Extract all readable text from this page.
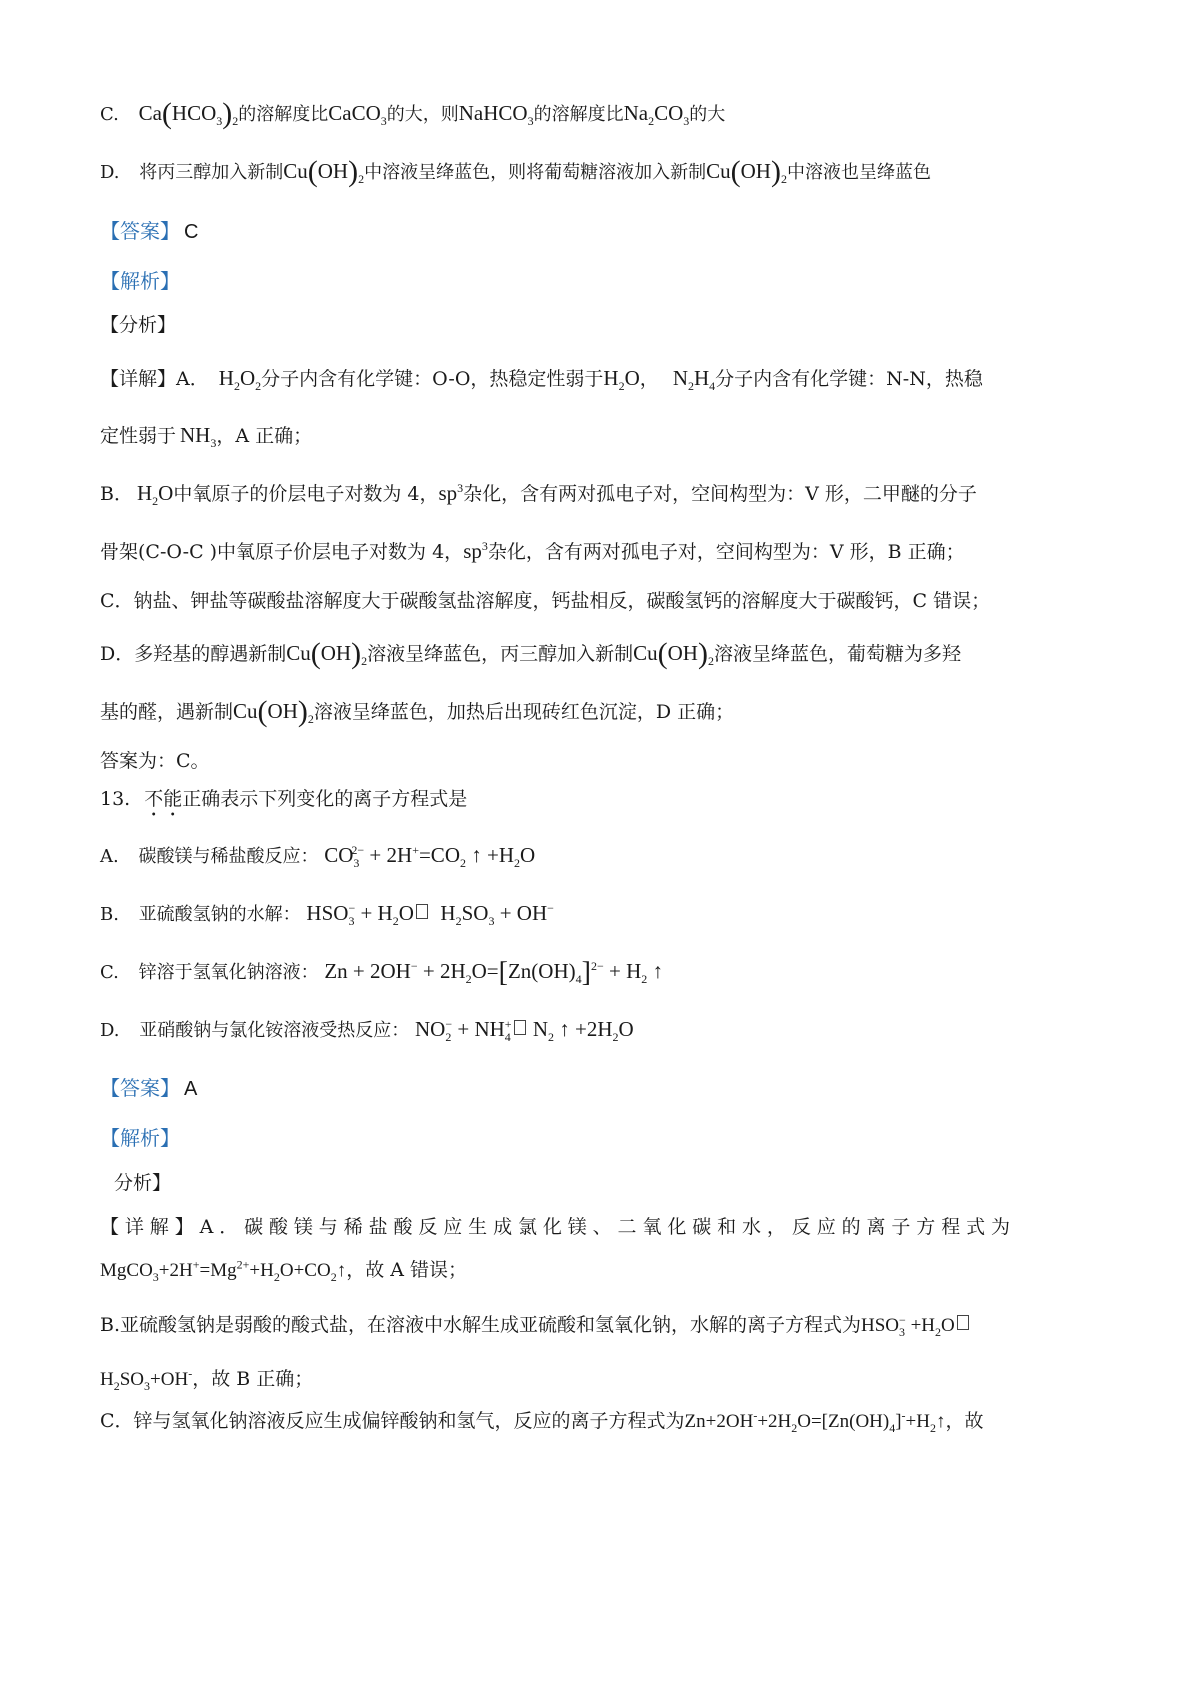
C. $Ca(HCO_3)_2$的溶解度比CaCO$_3$的大，则NaHCO$_3$的溶解度比$Na_2CO_3$的大
D. 将丙三醇加入新制$Cu(OH)_2$中溶液呈绛蓝色，则将葡萄糖溶液加入新制$Cu(OH)_2$中溶液也呈绛蓝色
【答案】 C
【解析】
【分析】
【详解】A． $H_2O_2$分子内含有化学键：O-O，热稳定性弱于$H_2O$， $N_2H_4$分子内含有化学键：N-N，热稳
定性弱于 $NH_3$，A 正确；
B． $H_2O$中氧原子的价层电子对数为 4，$sp^3$杂化，含有两对孤电子对，空间构型为：V 形，二甲醚的分子
骨架(C-O-C )中氧原子价层电子对数为 4，$sp^3$杂化，含有两对孤电子对，空间构型为：V 形，B 正确；
C．钠盐、钾盐等碳酸盐溶解度大于碳酸氢盐溶解度，钙盐相反，碳酸氢钙的溶解度大于碳酸钙，C 错误；
D．多羟基的醇遇新制$Cu(OH)_2$溶液呈绛蓝色，丙三醇加入新制$Cu(OH)_2$溶液呈绛蓝色，葡萄糖为多羟
基的醛，遇新制$Cu(OH)_2$溶液呈绛蓝色，加热后出现砖红色沉淀，D 正确；
答案为：C。
13. 不能正确表示下列变化的离子方程式是
A. 碳酸镁与稀盐酸反应： $CO_3^{2-} + 2H^+=CO_2$ ↑ $+H_2O$
B. 亚硫酸氢钠的水解： $HSO_3^- + H_2O$  $H_2SO_3 + OH^-$
C. 锌溶于氢氧化钠溶液： $Zn + 2OH^- + 2H_2O=[Zn(OH)_4]^{2-} + H_2$ ↑
D. 亚硝酸钠与氯化铵溶液受热反应： $NO_2^- + NH_4^+$ $N_2$ ↑ $+2H_2O$
【答案】 A
【解析】
分析】
【详解】A．碳酸镁与稀盐酸反应生成氯化镁、二氧化碳和水，反应的离子方程式为
$MgCO_3+2H^+=Mg^{2+}+H_2O+CO_2↑$，故 A 错误；
B.亚硫酸氢钠是弱酸的酸式盐，在溶液中水解生成亚硫酸和氢氧化钠，水解的离子方程式为$HSO_3^- +H_2O$
$H_2SO_3+OH^-$，故 B 正确；
C．锌与氢氧化钠溶液反应生成偏锌酸钠和氢气，反应的离子方程式为$Zn+2OH^-+2H_2O=[Zn(OH)_4]^-+H_2↑$，故
